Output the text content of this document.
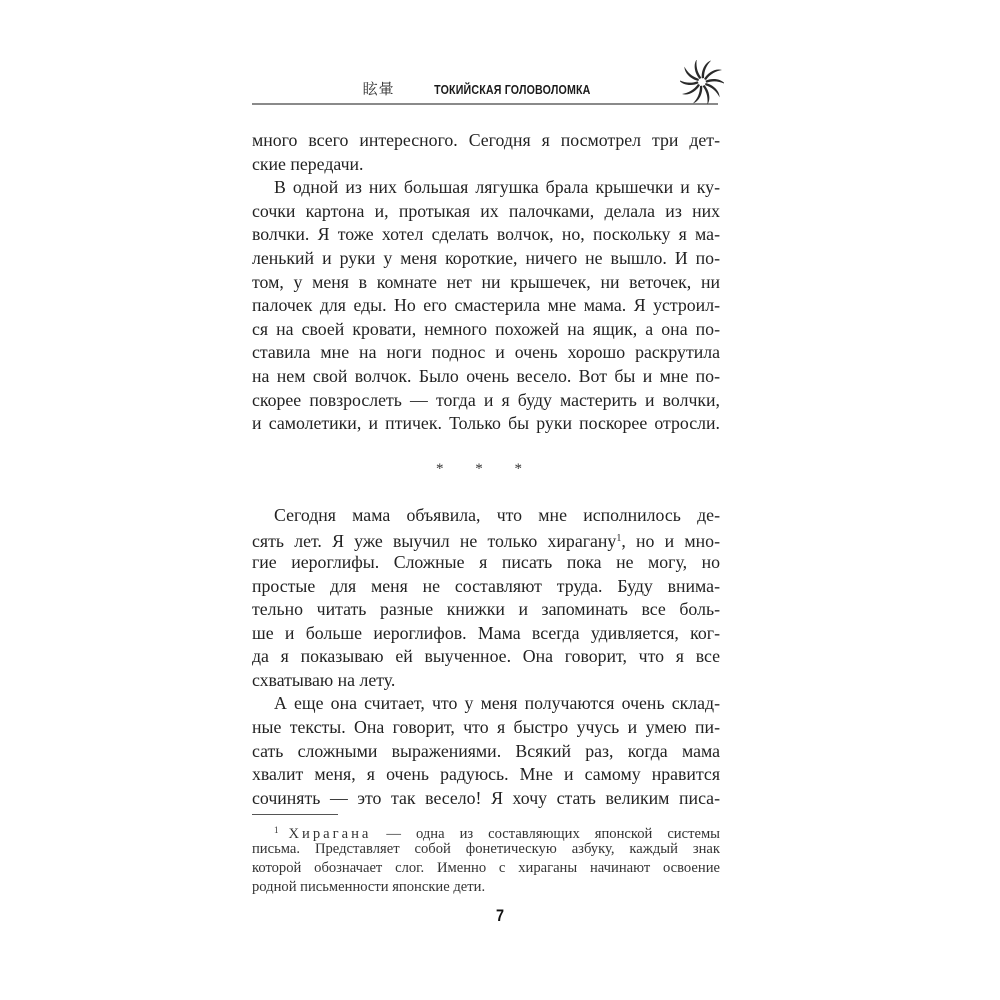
眩暈	ТОКИЙСКАЯ ГОЛОВОЛОМКА

много всего интересного. Сегодня я посмотрел три дет-
ские передачи.

В одной из них большая лягушка брала крышечки и ку-
сочки картона и, протыкая их палочками, делала из них
волчки. Я тоже хотел сделать волчок, но, поскольку я ма-
ленький и руки у меня короткие, ничего не вышло. И по-
том, у меня в комнате нет ни крышечек, ни веточек, ни
палочек для еды. Но его смастерила мне мама. Я устроил-
ся на своей кровати, немного похожей на ящик, а она по-
ставила мне на ноги поднос и очень хорошо раскрутила
на нем свой волчок. Было очень весело. Вот бы и мне по-
скорее повзрослеть — тогда и я буду мастерить и волчки,
и самолетики, и птичек. Только бы руки поскорее отросли.

* * *

Сегодня мама объявила, что мне исполнилось де-
сять лет. Я уже выучил не только хирагану$^1$, но и мно-
гие иероглифы. Сложные я писать пока не могу, но
простые для меня не составляют труда. Буду внима-
тельно читать разные книжки и запоминать все боль-
ше и больше иероглифов. Мама всегда удивляется, ког-
да я показываю ей выученное. Она говорит, что я все
схватываю на лету.

А еще она считает, что у меня получаются очень склад-
ные тексты. Она говорит, что я быстро учусь и умею пи-
сать сложными выражениями. Всякий раз, когда мама
хвалит меня, я очень радуюсь. Мне и самому нравится
сочинять — это так весело! Я хочу стать великим писа-

$^1$ Хирагана — одна из составляющих японской системы
письма. Представляет собой фонетическую азбуку, каждый знак
которой обозначает слог. Именно с хираганы начинают освоение
родной письменности японские дети.
7
